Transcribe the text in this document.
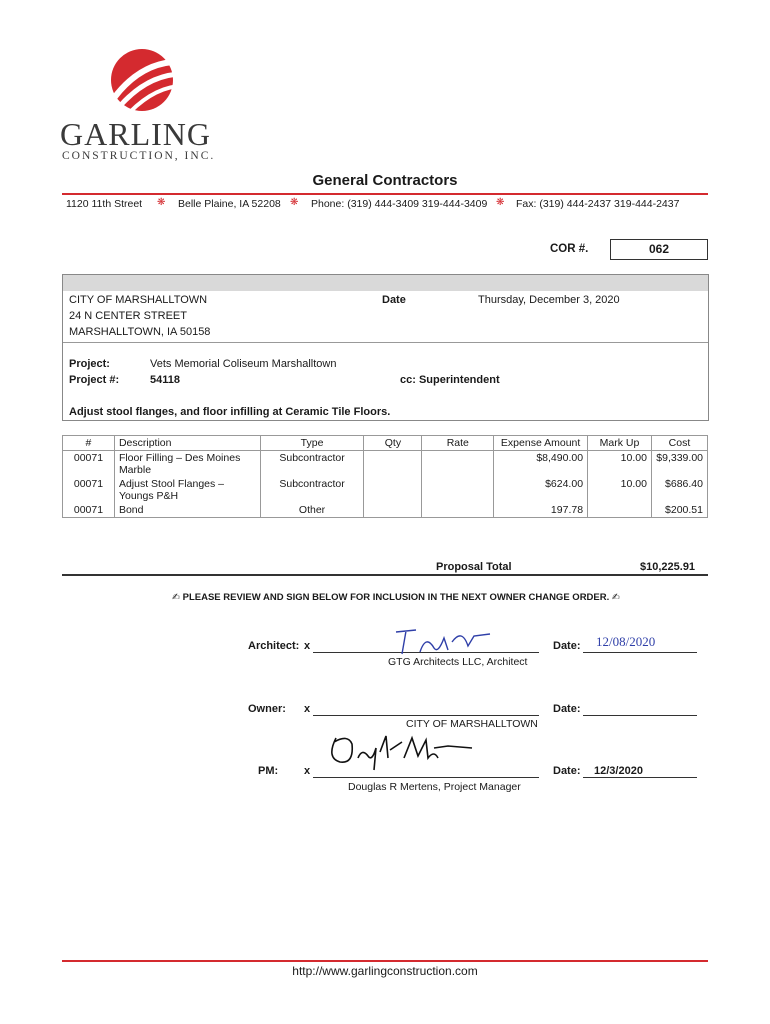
GARLING
CONSTRUCTION, INC.
General Contractors
1120 11th Street ❋ Belle Plaine, IA 52208 ❋ Phone: (319) 444-3409 319-444-3409 ❋ Fax: (319) 444-2437 319-444-2437
COR #.	062
CITY OF MARSHALLTOWN
24 N CENTER STREET
MARSHALLTOWN, IA 50158
Date	Thursday, December 3, 2020
Project:	Vets Memorial Coliseum Marshalltown
Project #:	54118	cc: Superintendent
Adjust stool flanges, and floor infilling at Ceramic Tile Floors.
#	Description	Type	Qty	Rate	Expense Amount	Mark Up	Cost
00071	Floor Filling – Des Moines Marble	Subcontractor			$8,490.00	10.00	$9,339.00
00071	Adjust Stool Flanges – Youngs P&H	Subcontractor			$624.00	10.00	$686.40
00071	Bond	Other			197.78		$200.51
Proposal Total	$10,225.91
✍ PLEASE REVIEW AND SIGN BELOW FOR INCLUSION IN THE NEXT OWNER CHANGE ORDER. ✍
Architect: x	Date: 12/08/2020
GTG Architects LLC, Architect
Owner: x	Date:
CITY OF MARSHALLTOWN
PM: x	Date: 12/3/2020
Douglas R Mertens, Project Manager
http://www.garlingconstruction.com
